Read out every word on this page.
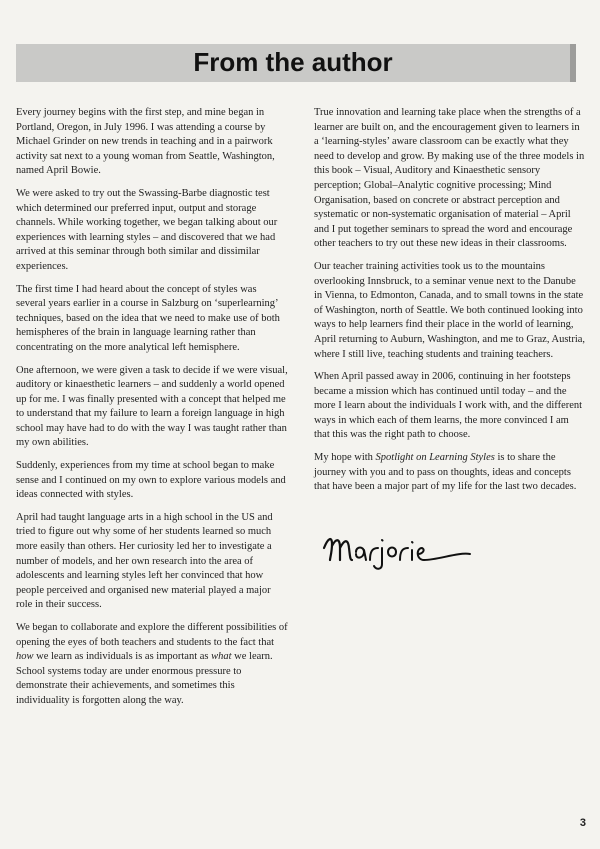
From the author

Every journey begins with the first step, and mine began in Portland, Oregon, in July 1996. I was attending a course by Michael Grinder on new trends in teaching and in a pairwork activity sat next to a young woman from Seattle, Washington, named April Bowie.

We were asked to try out the Swassing-Barbe diagnostic test which determined our preferred input, output and storage channels. While working together, we began talking about our experiences with learning styles – and discovered that we had arrived at this seminar through both similar and dissimilar experiences.

The first time I had heard about the concept of styles was several years earlier in a course in Salzburg on ‘superlearning’ techniques, based on the idea that we need to make use of both hemispheres of the brain in language learning rather than concentrating on the more analytical left hemisphere.

One afternoon, we were given a task to decide if we were visual, auditory or kinaesthetic learners – and suddenly a world opened up for me. I was finally presented with a concept that helped me to understand that my failure to learn a foreign language in high school may have had to do with the way I was taught rather than my own abilities.

Suddenly, experiences from my time at school began to make sense and I continued on my own to explore various models and ideas connected with styles.

April had taught language arts in a high school in the US and tried to figure out why some of her students learned so much more easily than others. Her curiosity led her to investigate a number of models, and her own research into the area of adolescents and learning styles left her convinced that how people perceived and organised new material played a major role in their success.

We began to collaborate and explore the different possibilities of opening the eyes of both teachers and students to the fact that how we learn as individuals is as important as what we learn. School systems today are under enormous pressure to demonstrate their achievements, and sometimes this individuality is forgotten along the way.

True innovation and learning take place when the strengths of a learner are built on, and the encouragement given to learners in a ‘learning-styles’ aware classroom can be exactly what they need to develop and grow. By making use of the three models in this book – Visual, Auditory and Kinaesthetic sensory perception; Global–Analytic cognitive processing; Mind Organisation, based on concrete or abstract perception and systematic or non-systematic organisation of material – April and I put together seminars to spread the word and encourage other teachers to try out these new ideas in their classrooms.

Our teacher training activities took us to the mountains overlooking Innsbruck, to a seminar venue next to the Danube in Vienna, to Edmonton, Canada, and to small towns in the state of Washington, north of Seattle. We both continued looking into ways to help learners find their place in the world of learning, April returning to Auburn, Washington, and me to Graz, Austria, where I still live, teaching students and training teachers.

When April passed away in 2006, continuing in her footsteps became a mission which has continued until today – and the more I learn about the individuals I work with, and the different ways in which each of them learns, the more convinced I am that this was the right path to choose.

My hope with Spotlight on Learning Styles is to share the journey with you and to pass on thoughts, ideas and concepts that have been a major part of my life for the last two decades.

3
